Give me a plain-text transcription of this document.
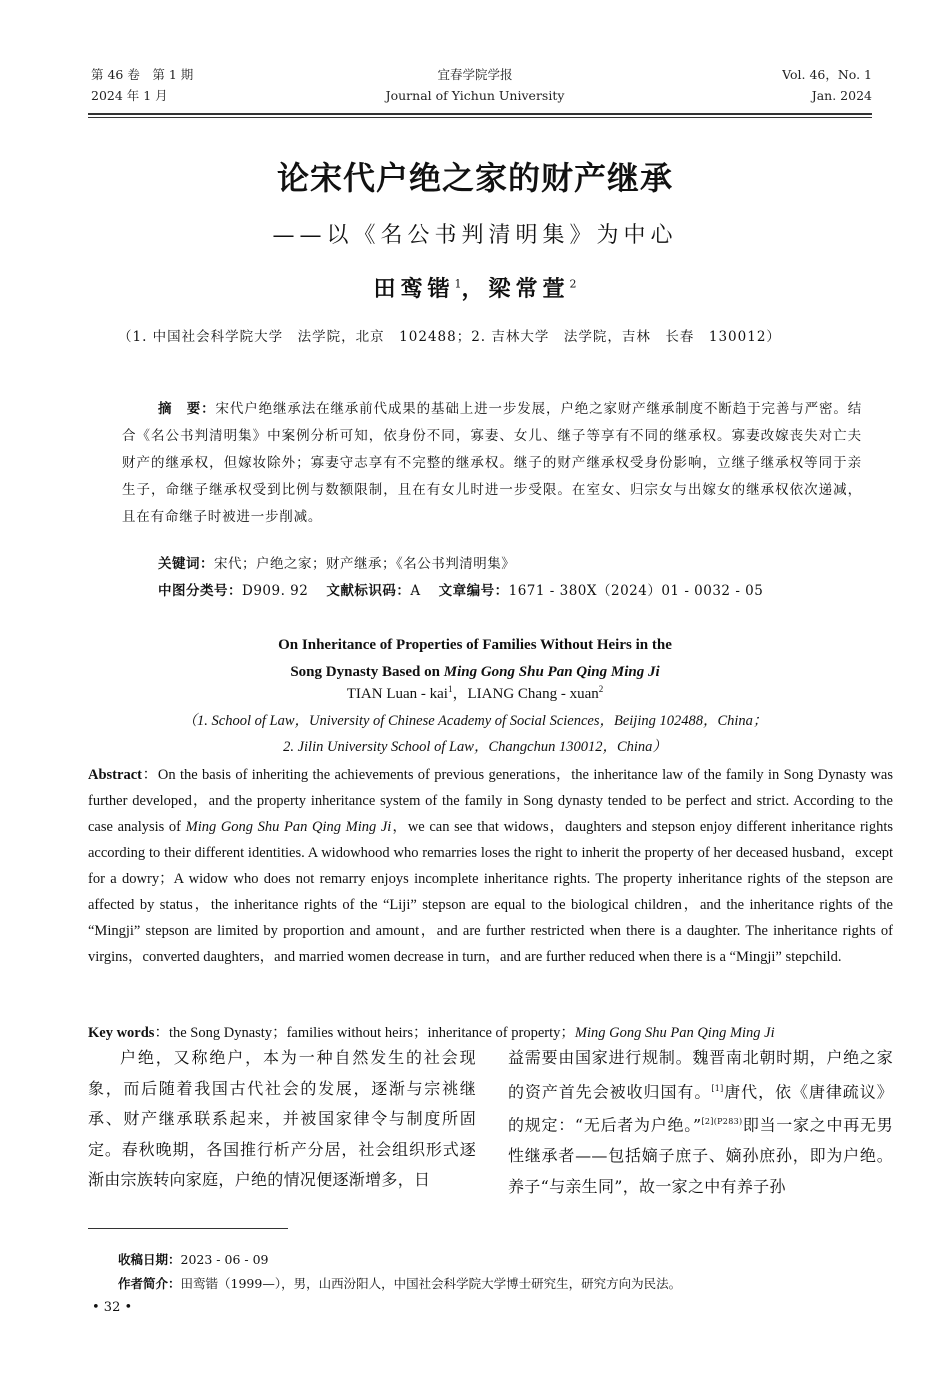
第 46 卷　第 1 期
2024 年 1 月
宜春学院学报
Journal of Yichun University
Vol. 46，No. 1
Jan. 2024
论宋代户绝之家的财产继承
——以《名公书判清明集》为中心
田鸾锴$^1$，梁常萱$^2$
（1. 中国社会科学院大学　法学院，北京　102488；2. 吉林大学　法学院，吉林　长春　130012）
摘　要：宋代户绝继承法在继承前代成果的基础上进一步发展，户绝之家财产继承制度不断趋于完善与严密。结合《名公书判清明集》中案例分析可知，依身份不同，寡妻、女儿、继子等享有不同的继承权。寡妻改嫁丧失对亡夫财产的继承权，但嫁妆除外；寡妻守志享有不完整的继承权。继子的财产继承权受身份影响，立继子继承权等同于亲生子，命继子继承权受到比例与数额限制，且在有女儿时进一步受限。在室女、归宗女与出嫁女的继承权依次递减，且在有命继子时被进一步削减。
关键词：宋代；户绝之家；财产继承；《名公书判清明集》
中图分类号：D909. 92 文献标识码：A 文章编号：1671 - 380X（2024）01 - 0032 - 05
On Inheritance of Properties of Families Without Heirs in the
Song Dynasty Based on Ming Gong Shu Pan Qing Ming Ji
TIAN Luan - kai$^1$，LIANG Chang - xuan$^2$
（1. School of Law，University of Chinese Academy of Social Sciences，Beijing 102488，China；
2. Jilin University School of Law，Changchun 130012，China）
Abstract：On the basis of inheriting the achievements of previous generations，the inheritance law of the family in Song Dynasty was further developed，and the property inheritance system of the family in Song dynasty tended to be perfect and strict. According to the case analysis of Ming Gong Shu Pan Qing Ming Ji，we can see that widows，daughters and stepson enjoy different inheritance rights according to their different identities. A widowhood who remarries loses the right to inherit the property of her deceased husband，except for a dowry；A widow who does not remarry enjoys incomplete inheritance rights. The property inheritance rights of the stepson are affected by status，the inheritance rights of the “Liji” stepson are equal to the biological children，and the inheritance rights of the “Mingji” stepson are limited by proportion and amount，and are further restricted when there is a daughter. The inheritance rights of virgins，converted daughters，and married women decrease in turn，and are further reduced when there is a “Mingji” stepchild.
Key words：the Song Dynasty；families without heirs；inheritance of property；Ming Gong Shu Pan Qing Ming Ji
户绝，又称绝户，本为一种自然发生的社会现象，而后随着我国古代社会的发展，逐渐与宗祧继承、财产继承联系起来，并被国家律令与制度所固定。春秋晚期，各国推行析产分居，社会组织形式逐渐由宗族转向家庭，户绝的情况便逐渐增多，日
益需要由国家进行规制。魏晋南北朝时期，户绝之家的资产首先会被收归国有。[1]唐代，依《唐律疏议》的规定：“无后者为户绝。”$^{[2](P283)}$即当一家之中再无男性继承者——包括嫡子庶子、嫡孙庶孙，即为户绝。养子“与亲生同”，故一家之中有养子孙
收稿日期：2023 - 06 - 09
作者简介：田鸾锴（1999—），男，山西汾阳人，中国社会科学院大学博士研究生，研究方向为民法。
• 32 •
